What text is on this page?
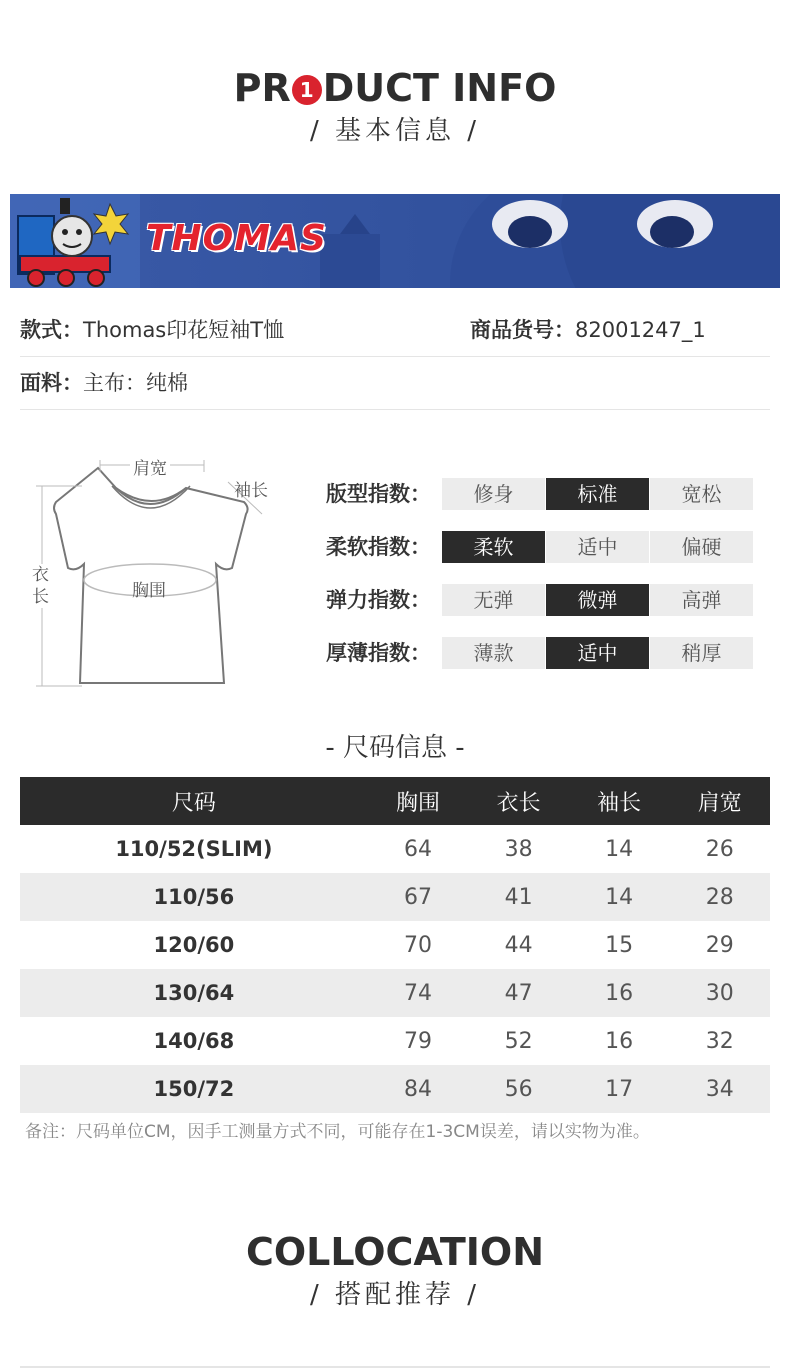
PR 1 DUCT INFO
/ 基本信息 /
THOMAS
款式：Thomas印花短袖T恤	商品货号：82001247_1
面料：主布：纯棉
肩宽
袖长
衣长	胸围
版型指数：	修身	标准	宽松
柔软指数：	柔软	适中	偏硬
弹力指数：	无弹	微弹	高弹
厚薄指数：	薄款	适中	稍厚
- 尺码信息 -
尺码	胸围	衣长	袖长	肩宽
110/52(SLIM)	64	38	14	26
110/56	67	41	14	28
120/60	70	44	15	29
130/64	74	47	16	30
140/68	79	52	16	32
150/72	84	56	17	34
备注：尺码单位CM，因手工测量方式不同，可能存在1-3CM误差，请以实物为准。
COLLOCATION
/ 搭配推荐 /
